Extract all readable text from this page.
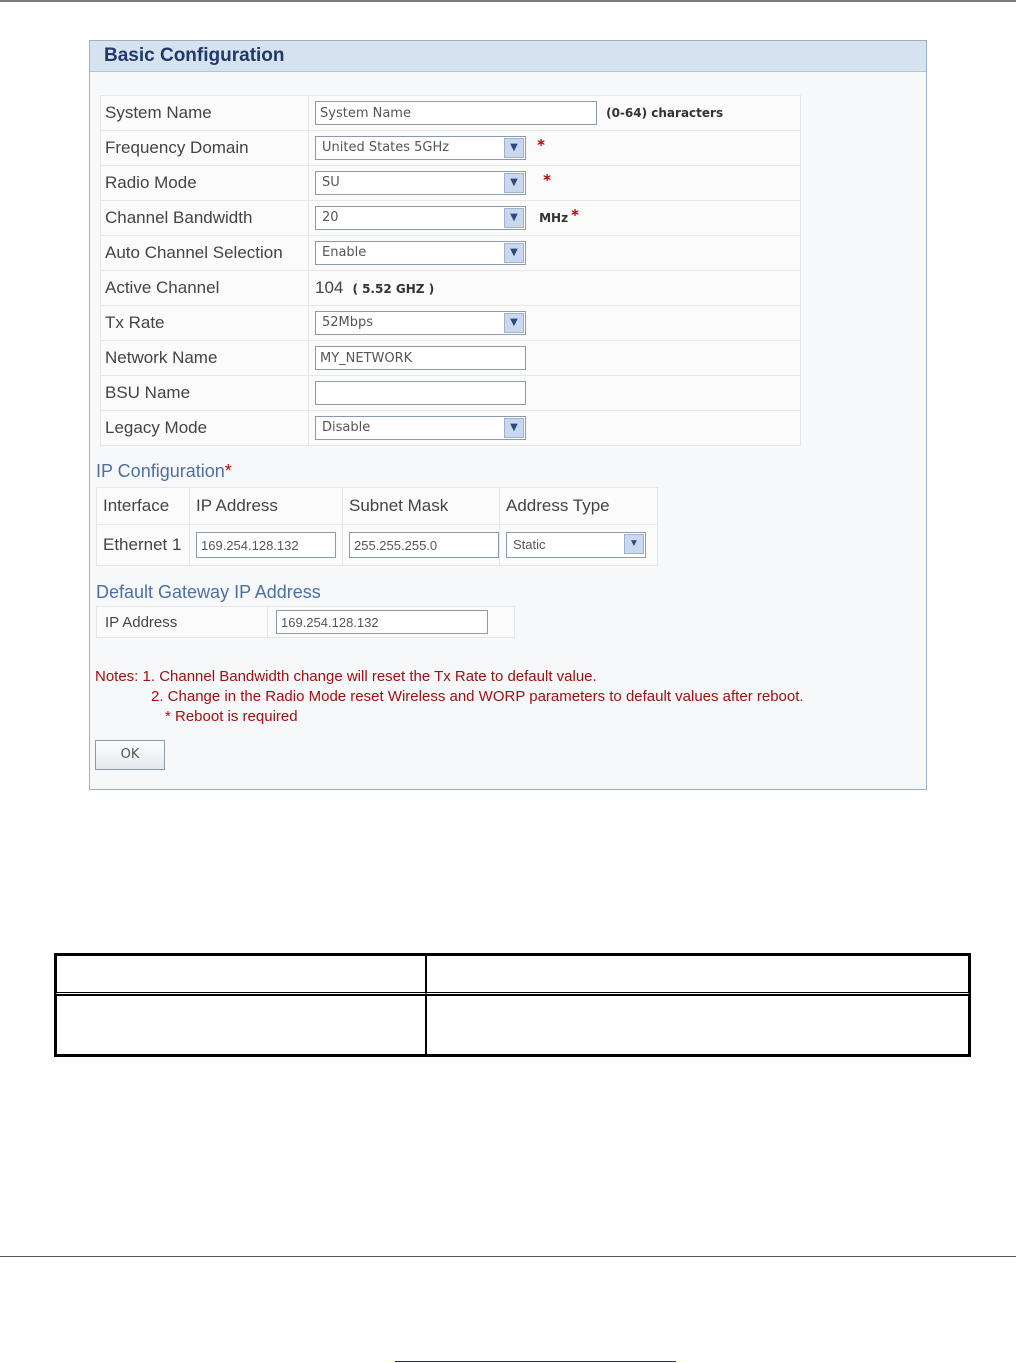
Basic Configuration
System Name	System Name (0-64) characters
Frequency Domain	United States 5GHz ▼ *
Radio Mode	SU ▼ *
Channel Bandwidth	20 ▼ MHz *
Auto Channel Selection	Enable ▼

Active Channel	104 ( 5.52 GHZ )
Tx Rate	52Mbps ▼

Network Name	MY_NETWORK
BSU Name	
Legacy Mode	Disable ▼
IP Configuration*
Interface	IP Address	Subnet Mask	Address Type
Ethernet 1	169.254.128.132	255.255.255.0	Static ▼
Default Gateway IP Address
IP Address	169.254.128.132
Notes: 1. Channel Bandwidth change will reset the Tx Rate to default value.
2. Change in the Radio Mode reset Wireless and WORP parameters to default values after reboot.
* Reboot is required
OK
